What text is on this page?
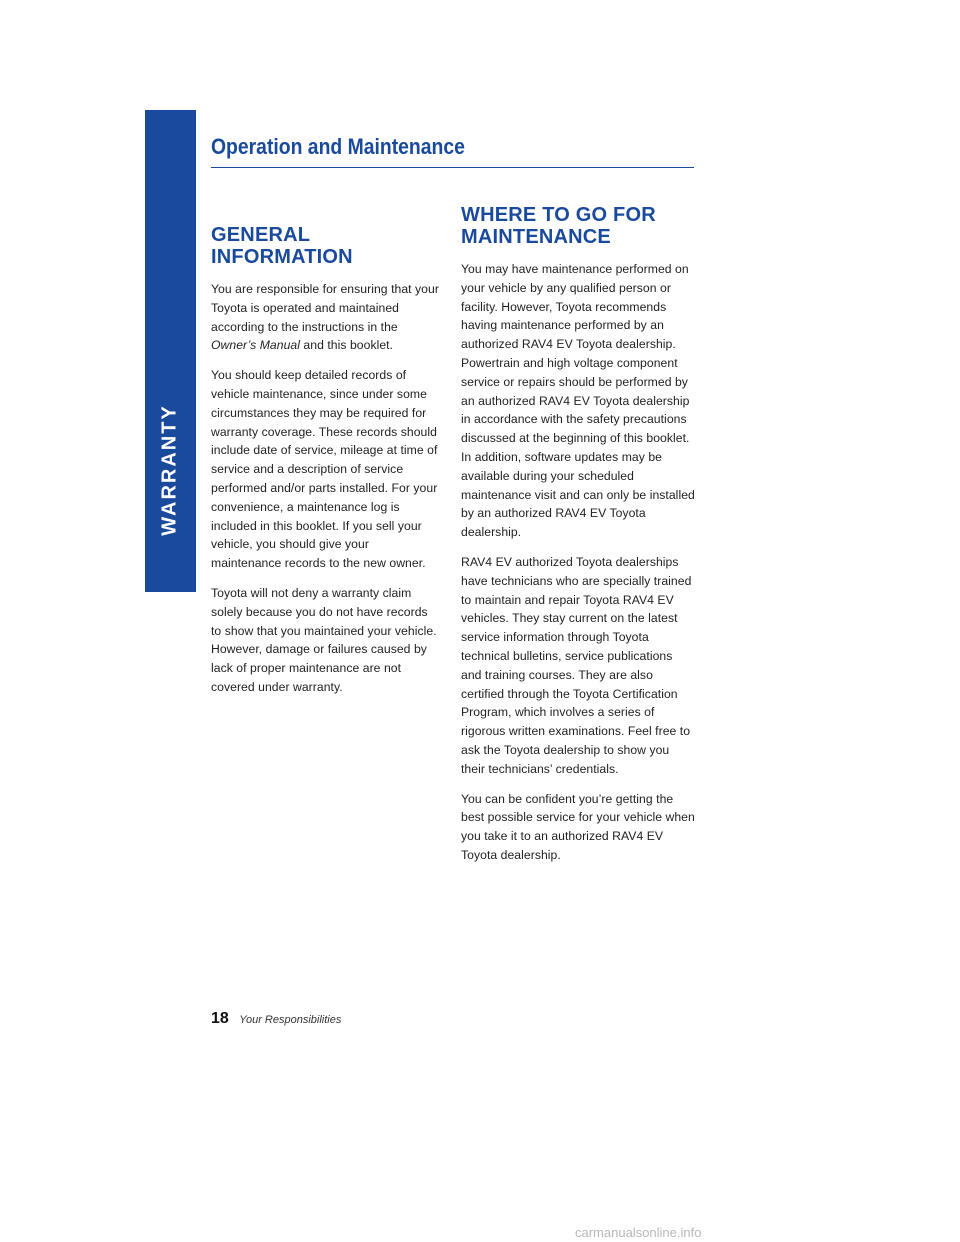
WARRANTY
Operation and Maintenance
GENERAL INFORMATION

You are responsible for ensuring that your Toyota is operated and maintained according to the instructions in the Owner’s Manual and this booklet.

You should keep detailed records of vehicle maintenance, since under some circumstances they may be required for warranty coverage. These records should include date of service, mileage at time of service and a description of service performed and/or parts installed. For your convenience, a maintenance log is included in this booklet. If you sell your vehicle, you should give your maintenance records to the new owner.

Toyota will not deny a warranty claim solely because you do not have records to show that you maintained your vehicle. However, damage or failures caused by lack of proper maintenance are not covered under warranty.

WHERE TO GO FOR
MAINTENANCE

You may have maintenance performed on your vehicle by any qualified person or facility. However, Toyota recommends having maintenance performed by an authorized RAV4 EV Toyota dealership. Powertrain and high voltage component service or repairs should be performed by an authorized RAV4 EV Toyota dealership in accordance with the safety precautions discussed at the beginning of this booklet. In addition, software updates may be available during your scheduled maintenance visit and can only be installed by an authorized RAV4 EV Toyota dealership.

RAV4 EV authorized Toyota dealerships have technicians who are specially trained to maintain and repair Toyota RAV4 EV vehicles. They stay current on the latest service information through Toyota technical bulletins, service publications and training courses. They are also certified through the Toyota Certification Program, which involves a series of rigorous written examinations. Feel free to ask the Toyota dealership to show you their technicians’ credentials.

You can be confident you’re getting the best possible service for your vehicle when you take it to an authorized RAV4 EV Toyota dealership.

18 Your Responsibilities
carmanualsonline.info
